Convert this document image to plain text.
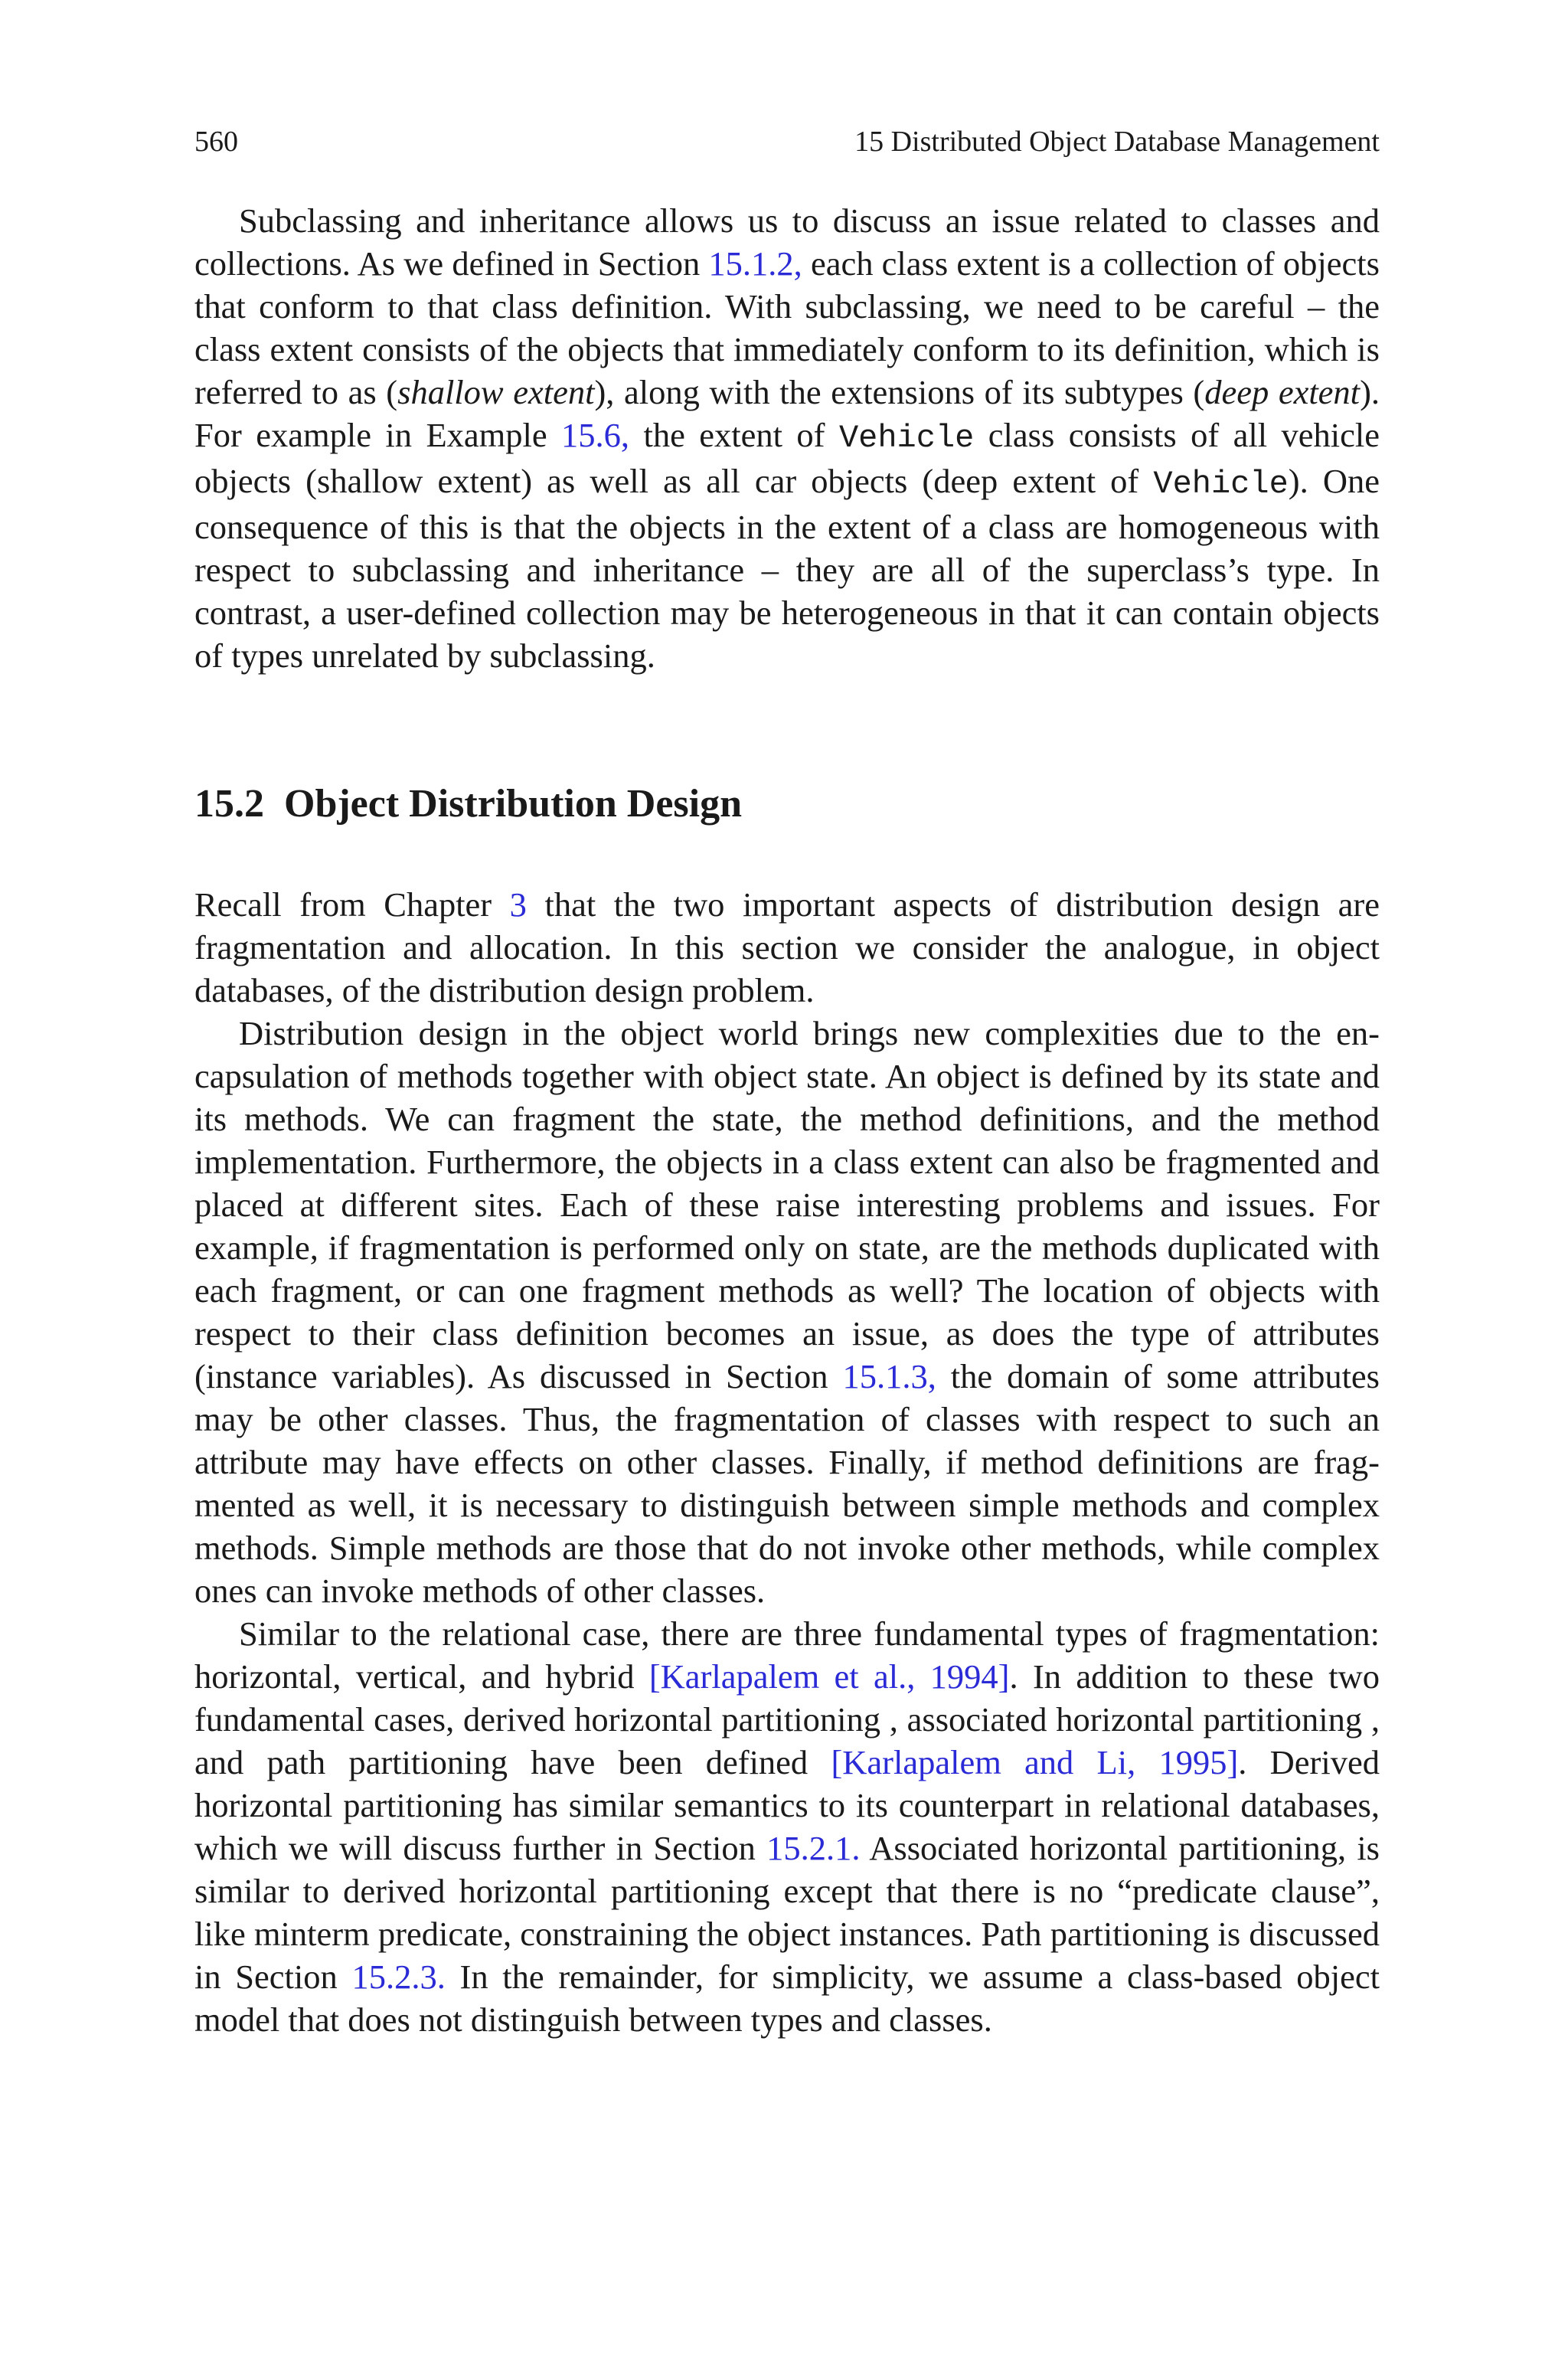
560	15 Distributed Object Database Management

Subclassing and inheritance allows us to discuss an issue related to classes and collections. As we defined in Section 15.1.2, each class extent is a collection of objects that conform to that class definition. With subclassing, we need to be careful – the class extent consists of the objects that immediately conform to its definition, which is referred to as (shallow extent), along with the extensions of its subtypes (deep extent). For example in Example 15.6, the extent of Vehicle class consists of all vehicle objects (shallow extent) as well as all car objects (deep extent of Vehicle). One consequence of this is that the objects in the extent of a class are homogeneous with respect to subclassing and inheritance – they are all of the superclass’s type. In contrast, a user-defined collection may be heterogeneous in that it can contain objects of types unrelated by subclassing.

15.2 Object Distribution Design

Recall from Chapter 3 that the two important aspects of distribution design are fragmentation and allocation. In this section we consider the analogue, in object databases, of the distribution design problem.

Distribution design in the object world brings new complexities due to the encapsulation of methods together with object state. An object is defined by its state and its methods. We can fragment the state, the method definitions, and the method implementation. Furthermore, the objects in a class extent can also be fragmented and placed at different sites. Each of these raise interesting problems and issues. For example, if fragmentation is performed only on state, are the methods duplicated with each fragment, or can one fragment methods as well? The location of objects with respect to their class definition becomes an issue, as does the type of attributes (instance variables). As discussed in Section 15.1.3, the domain of some attributes may be other classes. Thus, the fragmentation of classes with respect to such an attribute may have effects on other classes. Finally, if method definitions are fragmented as well, it is necessary to distinguish between simple methods and complex methods. Simple methods are those that do not invoke other methods, while complex ones can invoke methods of other classes.

Similar to the relational case, there are three fundamental types of fragmentation: horizontal, vertical, and hybrid [Karlapalem et al., 1994]. In addition to these two fundamental cases, derived horizontal partitioning , associated horizontal partitioning , and path partitioning have been defined [Karlapalem and Li, 1995]. Derived horizontal partitioning has similar semantics to its counterpart in relational databases, which we will discuss further in Section 15.2.1. Associated horizontal partitioning, is similar to derived horizontal partitioning except that there is no “predicate clause”, like minterm predicate, constraining the object instances. Path partitioning is discussed in Section 15.2.3. In the remainder, for simplicity, we assume a class-based object model that does not distinguish between types and classes.
